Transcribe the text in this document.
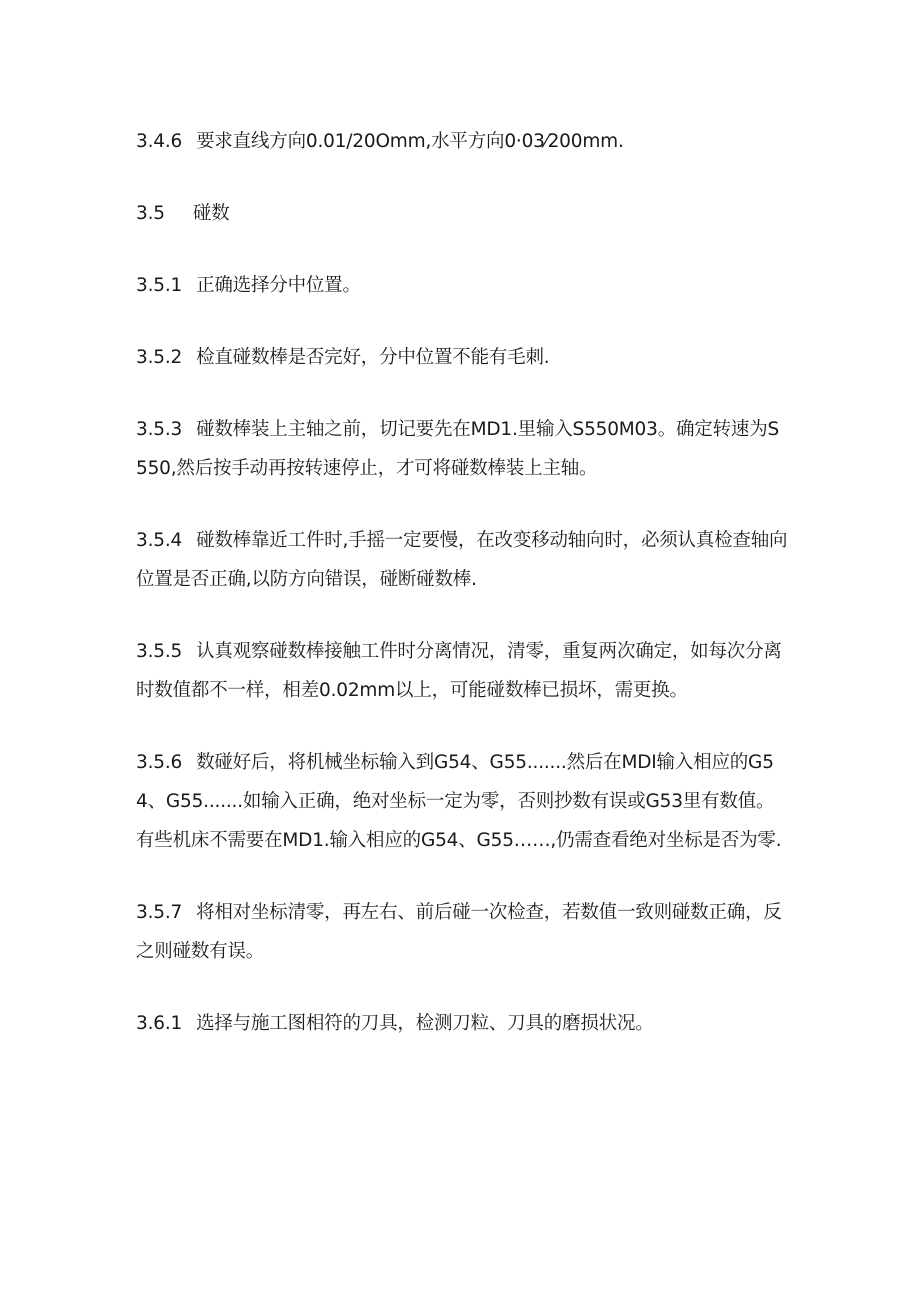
3.4.6 要求直线方向0.01/20Omm,水平方向0·03⁄200mm.

3.5 碰数

3.5.1 正确选择分中位置。

3.5.2 检直碰数棒是否完好，分中位置不能有毛刺.

3.5.3 碰数棒装上主轴之前，切记要先在MD1.里输入S550M03。确定转速为S550,然后按手动再按转速停止，才可将碰数棒装上主轴。

3.5.4 碰数棒靠近工件时,手摇一定要慢，在改变移动轴向时，必须认真检查轴向位置是否正确,以防方向错误，碰断碰数棒.

3.5.5 认真观察碰数棒接触工件时分离情况，清零，重复两次确定，如每次分离时数值都不一样，相差0.02mm以上，可能碰数棒已损坏，需更换。

3.5.6 数碰好后，将机械坐标输入到G54、G55.......然后在MDI输入相应的G54、G55.......如输入正确，绝对坐标一定为零，否则抄数有误或G53里有数值。有些机床不需要在MD1.输入相应的G54、G55……,仍需查看绝对坐标是否为零.

3.5.7 将相对坐标清零，再左右、前后碰一次检查，若数值一致则碰数正确，反之则碰数有误。

3.6.1 选择与施工图相符的刀具，检测刀粒、刀具的磨损状况。
